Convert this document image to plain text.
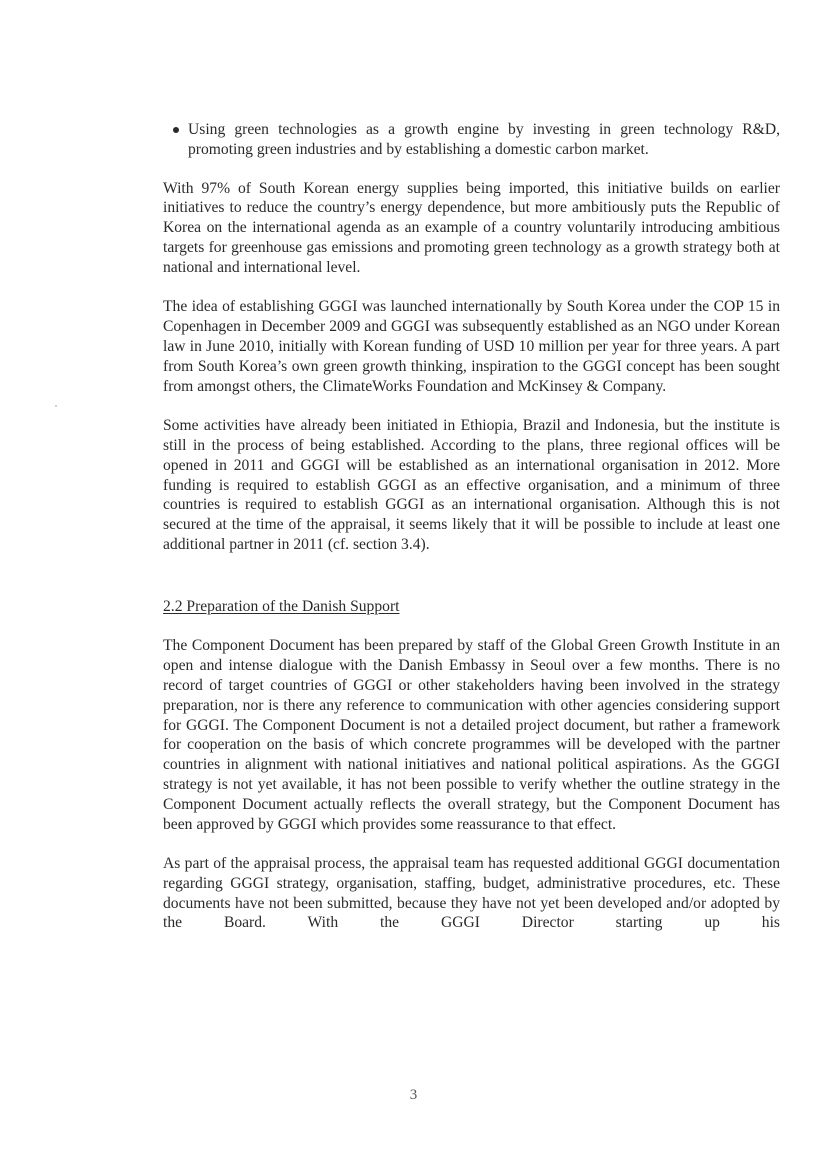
Using green technologies as a growth engine by investing in green technology R&D, promoting green industries and by establishing a domestic carbon market.

With 97% of South Korean energy supplies being imported, this initiative builds on earlier initiatives to reduce the country’s energy dependence, but more ambitiously puts the Republic of Korea on the international agenda as an example of a country voluntarily introducing ambitious targets for greenhouse gas emissions and promoting green technology as a growth strategy both at national and international level.

The idea of establishing GGGI was launched internationally by South Korea under the COP 15 in Copenhagen in December 2009 and GGGI was subsequently established as an NGO under Korean law in June 2010, initially with Korean funding of USD 10 million per year for three years. A part from South Korea’s own green growth thinking, inspiration to the GGGI concept has been sought from amongst others, the ClimateWorks Foundation and McKinsey & Company.

Some activities have already been initiated in Ethiopia, Brazil and Indonesia, but the institute is still in the process of being established. According to the plans, three regional offices will be opened in 2011 and GGGI will be established as an international organisation in 2012. More funding is required to establish GGGI as an effective organisation, and a minimum of three countries is required to establish GGGI as an international organisation. Although this is not secured at the time of the appraisal, it seems likely that it will be possible to include at least one additional partner in 2011 (cf. section 3.4).

2.2 Preparation of the Danish Support

The Component Document has been prepared by staff of the Global Green Growth Institute in an open and intense dialogue with the Danish Embassy in Seoul over a few months. There is no record of target countries of GGGI or other stakeholders having been involved in the strategy preparation, nor is there any reference to communication with other agencies considering support for GGGI. The Component Document is not a detailed project document, but rather a framework for cooperation on the basis of which concrete programmes will be developed with the partner countries in alignment with national initiatives and national political aspirations. As the GGGI strategy is not yet available, it has not been possible to verify whether the outline strategy in the Component Document actually reflects the overall strategy, but the Component Document has been approved by GGGI which provides some reassurance to that effect.

As part of the appraisal process, the appraisal team has requested additional GGGI documentation regarding GGGI strategy, organisation, staffing, budget, administrative procedures, etc. These documents have not been submitted, because they have not yet been developed and/or adopted by the Board. With the GGGI Director starting up his

3
